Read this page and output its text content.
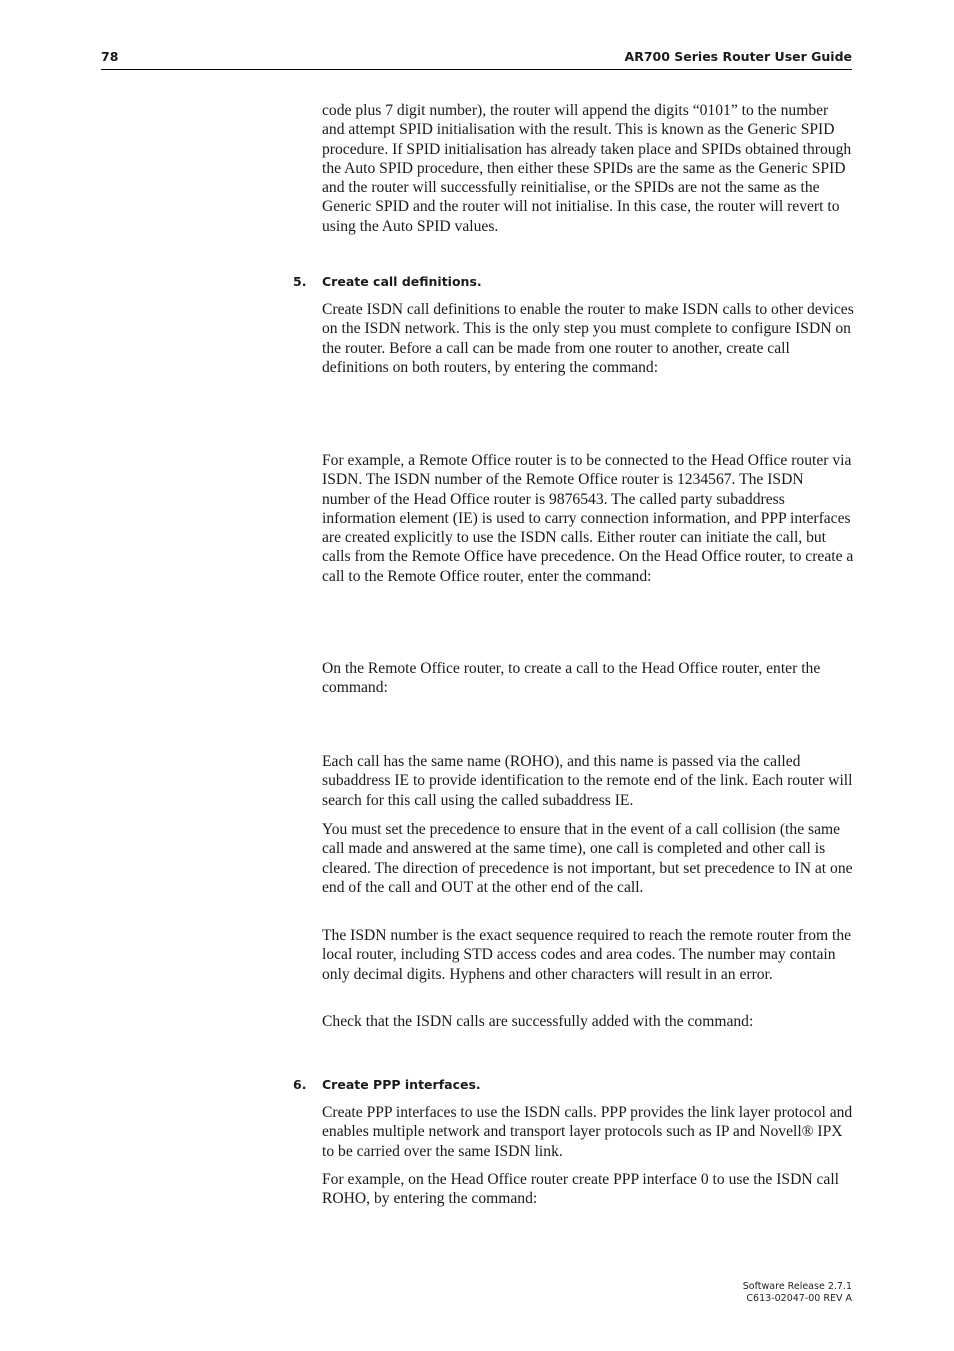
78	AR700 Series Router User Guide

code plus 7 digit number), the router will append the digits “0101” to the number and attempt SPID initialisation with the result. This is known as the Generic SPID procedure. If SPID initialisation has already taken place and SPIDs obtained through the Auto SPID procedure, then either these SPIDs are the same as the Generic SPID and the router will successfully reinitialise, or the SPIDs are not the same as the Generic SPID and the router will not initialise. In this case, the router will revert to using the Auto SPID values.

5. Create call definitions.

Create ISDN call definitions to enable the router to make ISDN calls to other devices on the ISDN network. This is the only step you must complete to configure ISDN on the router. Before a call can be made from one router to another, create call definitions on both routers, by entering the command:

For example, a Remote Office router is to be connected to the Head Office router via ISDN. The ISDN number of the Remote Office router is 1234567. The ISDN number of the Head Office router is 9876543. The called party subaddress information element (IE) is used to carry connection information, and PPP interfaces are created explicitly to use the ISDN calls. Either router can initiate the call, but calls from the Remote Office have precedence. On the Head Office router, to create a call to the Remote Office router, enter the command:

On the Remote Office router, to create a call to the Head Office router, enter the command:

Each call has the same name (ROHO), and this name is passed via the called subaddress IE to provide identification to the remote end of the link. Each router will search for this call using the called subaddress IE.

You must set the precedence to ensure that in the event of a call collision (the same call made and answered at the same time), one call is completed and other call is cleared. The direction of precedence is not important, but set precedence to IN at one end of the call and OUT at the other end of the call.

The ISDN number is the exact sequence required to reach the remote router from the local router, including STD access codes and area codes. The number may contain only decimal digits. Hyphens and other characters will result in an error.

Check that the ISDN calls are successfully added with the command:

6. Create PPP interfaces.

Create PPP interfaces to use the ISDN calls. PPP provides the link layer protocol and enables multiple network and transport layer protocols such as IP and Novell® IPX to be carried over the same ISDN link.

For example, on the Head Office router create PPP interface 0 to use the ISDN call ROHO, by entering the command:

Software Release 2.7.1
C613-02047-00 REV A
